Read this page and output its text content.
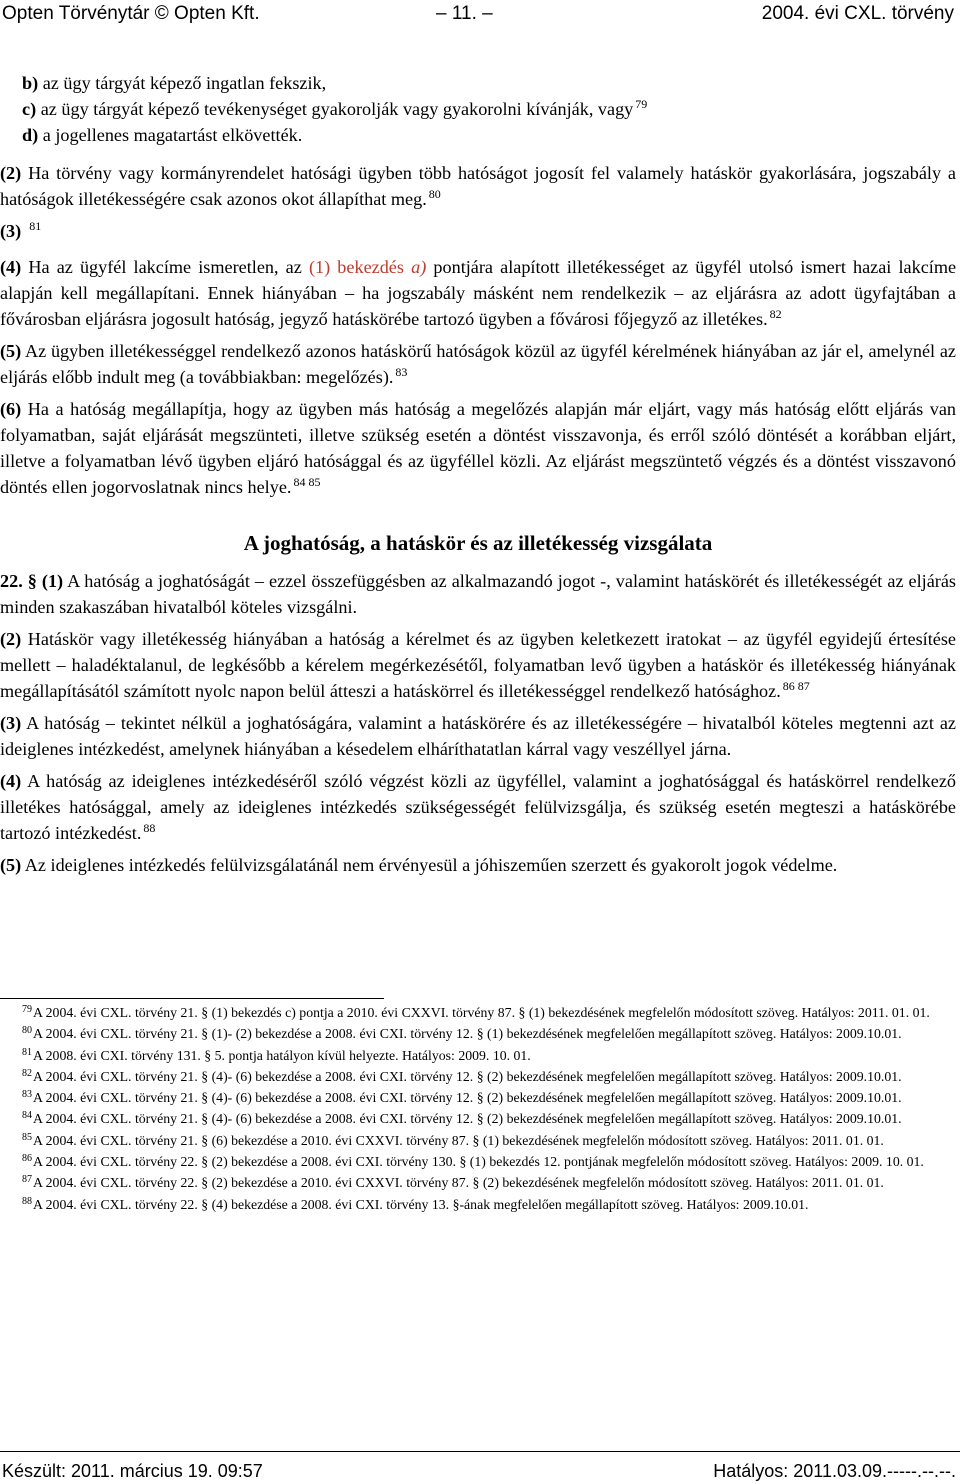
Opten Törvénytár © Opten Kft.	– 11. –	2004. évi CXL. törvény

b) az ügy tárgyát képező ingatlan fekszik,

c) az ügy tárgyát képező tevékenységet gyakorolják vagy gyakorolni kívánják, vagy $^{79}$

d) a jogellenes magatartást elkövették.

(2) Ha törvény vagy kormányrendelet hatósági ügyben több hatóságot jogosít fel valamely hatáskör gyakorlására, jogszabály a hatóságok illetékességére csak azonos okot állapíthat meg. $^{80}$

(3) $^{81}$

(4) Ha az ügyfél lakcíme ismeretlen, az (1) bekezdés a) pontjára alapított illetékességet az ügyfél utolsó ismert hazai lakcíme alapján kell megállapítani. Ennek hiányában – ha jogszabály másként nem rendelkezik – az eljárásra az adott ügyfajtában a fővárosban eljárásra jogosult hatóság, jegyző hatáskörébe tartozó ügyben a fővárosi főjegyző az illetékes. $^{82}$

(5) Az ügyben illetékességgel rendelkező azonos hatáskörű hatóságok közül az ügyfél kérelmének hiányában az jár el, amelynél az eljárás előbb indult meg (a továbbiakban: megelőzés). $^{83}$

(6) Ha a hatóság megállapítja, hogy az ügyben más hatóság a megelőzés alapján már eljárt, vagy más hatóság előtt eljárás van folyamatban, saját eljárását megszünteti, illetve szükség esetén a döntést visszavonja, és erről szóló döntését a korábban eljárt, illetve a folyamatban lévő ügyben eljáró hatósággal és az ügyféllel közli. Az eljárást megszüntető végzés és a döntést visszavonó döntés ellen jogorvoslatnak nincs helye. $^{84 85}$

A joghatóság, a hatáskör és az illetékesség vizsgálata

22. § (1) A hatóság a joghatóságát – ezzel összefüggésben az alkalmazandó jogot -, valamint hatáskörét és illetékességét az eljárás minden szakaszában hivatalból köteles vizsgálni.

(2) Hatáskör vagy illetékesség hiányában a hatóság a kérelmet és az ügyben keletkezett iratokat – az ügyfél egyidejű értesítése mellett – haladéktalanul, de legkésőbb a kérelem megérkezésétől, folyamatban levő ügyben a hatáskör és illetékesség hiányának megállapításától számított nyolc napon belül átteszi a hatáskörrel és illetékességgel rendelkező hatósághoz. $^{86 87}$

(3) A hatóság – tekintet nélkül a joghatóságára, valamint a hatáskörére és az illetékességére – hivatalból köteles megtenni azt az ideiglenes intézkedést, amelynek hiányában a késedelem elháríthatatlan kárral vagy veszéllyel járna.

(4) A hatóság az ideiglenes intézkedéséről szóló végzést közli az ügyféllel, valamint a joghatósággal és hatáskörrel rendelkező illetékes hatósággal, amely az ideiglenes intézkedés szükségességét felülvizsgálja, és szükség esetén megteszi a hatáskörébe tartozó intézkedést. $^{88}$

(5) Az ideiglenes intézkedés felülvizsgálatánál nem érvényesül a jóhiszeműen szerzett és gyakorolt jogok védelme.

$^{79}$A 2004. évi CXL. törvény 21. § (1) bekezdés c) pontja a 2010. évi CXXVI. törvény 87. § (1) bekezdésének megfelelőn módosított szöveg. Hatályos: 2011. 01. 01.

$^{80}$A 2004. évi CXL. törvény 21. § (1)- (2) bekezdése a 2008. évi CXI. törvény 12. § (1) bekezdésének megfelelően megállapított szöveg. Hatályos: 2009.10.01.

$^{81}$A 2008. évi CXI. törvény 131. § 5. pontja hatályon kívül helyezte. Hatályos: 2009. 10. 01.

$^{82}$A 2004. évi CXL. törvény 21. § (4)- (6) bekezdése a 2008. évi CXI. törvény 12. § (2) bekezdésének megfelelően megállapított szöveg. Hatályos: 2009.10.01.

$^{83}$A 2004. évi CXL. törvény 21. § (4)- (6) bekezdése a 2008. évi CXI. törvény 12. § (2) bekezdésének megfelelően megállapított szöveg. Hatályos: 2009.10.01.

$^{84}$A 2004. évi CXL. törvény 21. § (4)- (6) bekezdése a 2008. évi CXI. törvény 12. § (2) bekezdésének megfelelően megállapított szöveg. Hatályos: 2009.10.01.

$^{85}$A 2004. évi CXL. törvény 21. § (6) bekezdése a 2010. évi CXXVI. törvény 87. § (1) bekezdésének megfelelőn módosított szöveg. Hatályos: 2011. 01. 01.

$^{86}$A 2004. évi CXL. törvény 22. § (2) bekezdése a 2008. évi CXI. törvény 130. § (1) bekezdés 12. pontjának megfelelőn módosított szöveg. Hatályos: 2009. 10. 01.

$^{87}$A 2004. évi CXL. törvény 22. § (2) bekezdése a 2010. évi CXXVI. törvény 87. § (2) bekezdésének megfelelőn módosított szöveg. Hatályos: 2011. 01. 01.

$^{88}$A 2004. évi CXL. törvény 22. § (4) bekezdése a 2008. évi CXI. törvény 13. §-ának megfelelően megállapított szöveg. Hatályos: 2009.10.01.

Készült: 2011. március 19. 09:57	Hatályos: 2011.03.09.-----.--.--.
